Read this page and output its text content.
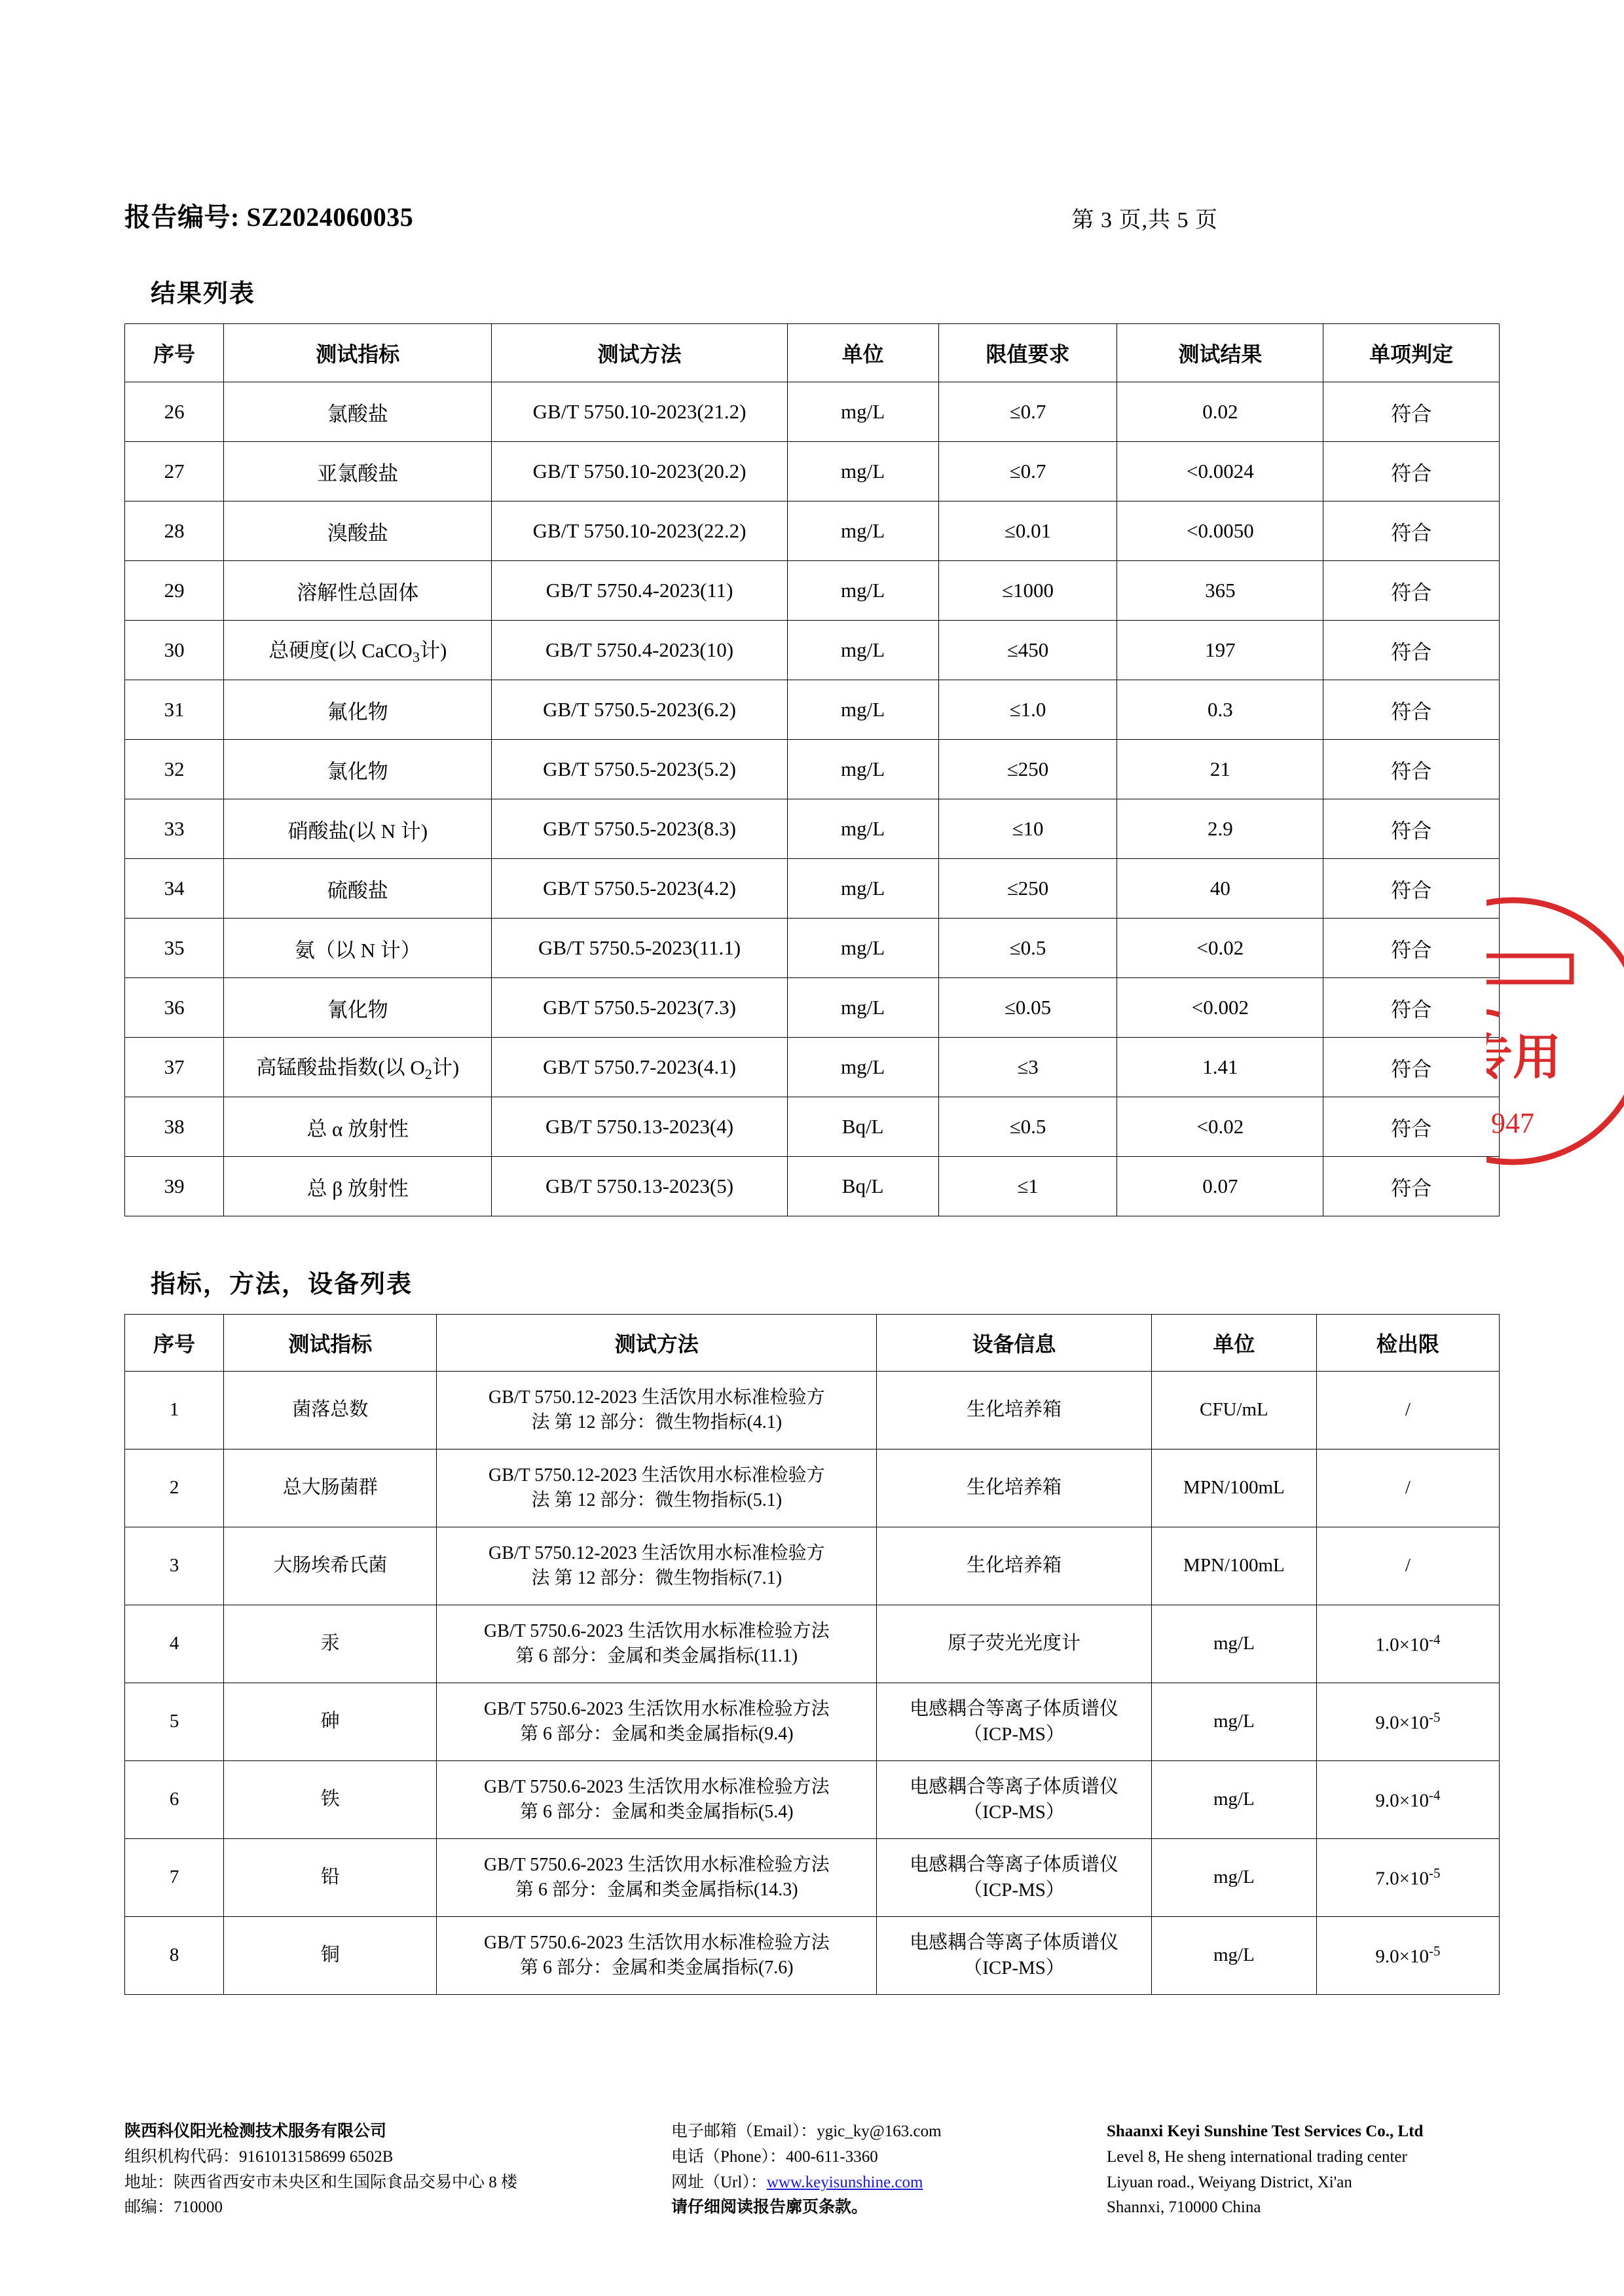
报告编号: SZ2024060035	第 3 页,共 5 页
结果列表
序号	测试指标	测试方法	单位	限值要求	测试结果	单项判定
26	氯酸盐	GB/T 5750.10-2023(21.2)	mg/L	≤0.7	0.02	符合
27	亚氯酸盐	GB/T 5750.10-2023(20.2)	mg/L	≤0.7	<0.0024	符合
28	溴酸盐	GB/T 5750.10-2023(22.2)	mg/L	≤0.01	<0.0050	符合
29	溶解性总固体	GB/T 5750.4-2023(11)	mg/L	≤1000	365	符合
30	总硬度(以 CaCO$_3$计)	GB/T 5750.4-2023(10)	mg/L	≤450	197	符合
31	氟化物	GB/T 5750.5-2023(6.2)	mg/L	≤1.0	0.3	符合
32	氯化物	GB/T 5750.5-2023(5.2)	mg/L	≤250	21	符合
33	硝酸盐(以 N 计)	GB/T 5750.5-2023(8.3)	mg/L	≤10	2.9	符合
34	硫酸盐	GB/T 5750.5-2023(4.2)	mg/L	≤250	40	符合
35	氨（以 N 计）	GB/T 5750.5-2023(11.1)	mg/L	≤0.5	<0.02	符合
36	氰化物	GB/T 5750.5-2023(7.3)	mg/L	≤0.05	<0.002	符合
37	高锰酸盐指数(以 $O_2$计)	GB/T 5750.7-2023(4.1)	mg/L	≤3	1.41	符合
38	总 α 放射性	GB/T 5750.13-2023(4)	Bq/L	≤0.5	<0.02	符合
39	总 β 放射性	GB/T 5750.13-2023(5)	Bq/L	≤1	0.07	符合
指标，方法，设备列表
序号	测试指标	测试方法	设备信息	单位	检出限
1	菌落总数	GB/T 5750.12-2023 生活饮用水标准检验方
法 第 12 部分：微生物指标(4.1)	生化培养箱	CFU/mL	/
2	总大肠菌群	GB/T 5750.12-2023 生活饮用水标准检验方
法 第 12 部分：微生物指标(5.1)	生化培养箱	MPN/100mL	/
3	大肠埃希氏菌	GB/T 5750.12-2023 生活饮用水标准检验方
法 第 12 部分：微生物指标(7.1)	生化培养箱	MPN/100mL	/
4	汞	GB/T 5750.6-2023 生活饮用水标准检验方法
第 6 部分：金属和类金属指标(11.1)	原子荧光光度计	mg/L	$1.0\times 10^{-4}$
5	砷	GB/T 5750.6-2023 生活饮用水标准检验方法
第 6 部分：金属和类金属指标(9.4)	电感耦合等离子体质谱仪
（ICP-MS）	mg/L	$9.0\times 10^{-5}$
6	铁	GB/T 5750.6-2023 生活饮用水标准检验方法
第 6 部分：金属和类金属指标(5.4)	电感耦合等离子体质谱仪
（ICP-MS）	mg/L	$9.0\times 10^{-4}$
7	铅	GB/T 5750.6-2023 生活饮用水标准检验方法
第 6 部分：金属和类金属指标(14.3)	电感耦合等离子体质谱仪
（ICP-MS）	mg/L	$7.0\times 10^{-5}$
8	铜	GB/T 5750.6-2023 生活饮用水标准检验方法
第 6 部分：金属和类金属指标(7.6)	电感耦合等离子体质谱仪
（ICP-MS）	mg/L	$9.0\times 10^{-5}$
专用
947
陕西科仪阳光检测技术服务有限公司
组织机构代码：9161013158699 6502B
地址：陕西省西安市未央区和生国际食品交易中心 8 楼
邮编：710000
电子邮箱（Email）：ygic_ky@163.com
电话（Phone）：400-611-3360
网址（Url）：www.keyisunshine.com
请仔细阅读报告廓页条款。
Shaanxi Keyi Sunshine Test Services Co., Ltd
Level 8, He sheng international trading center
Liyuan road., Weiyang District, Xi'an
Shannxi, 710000 China
